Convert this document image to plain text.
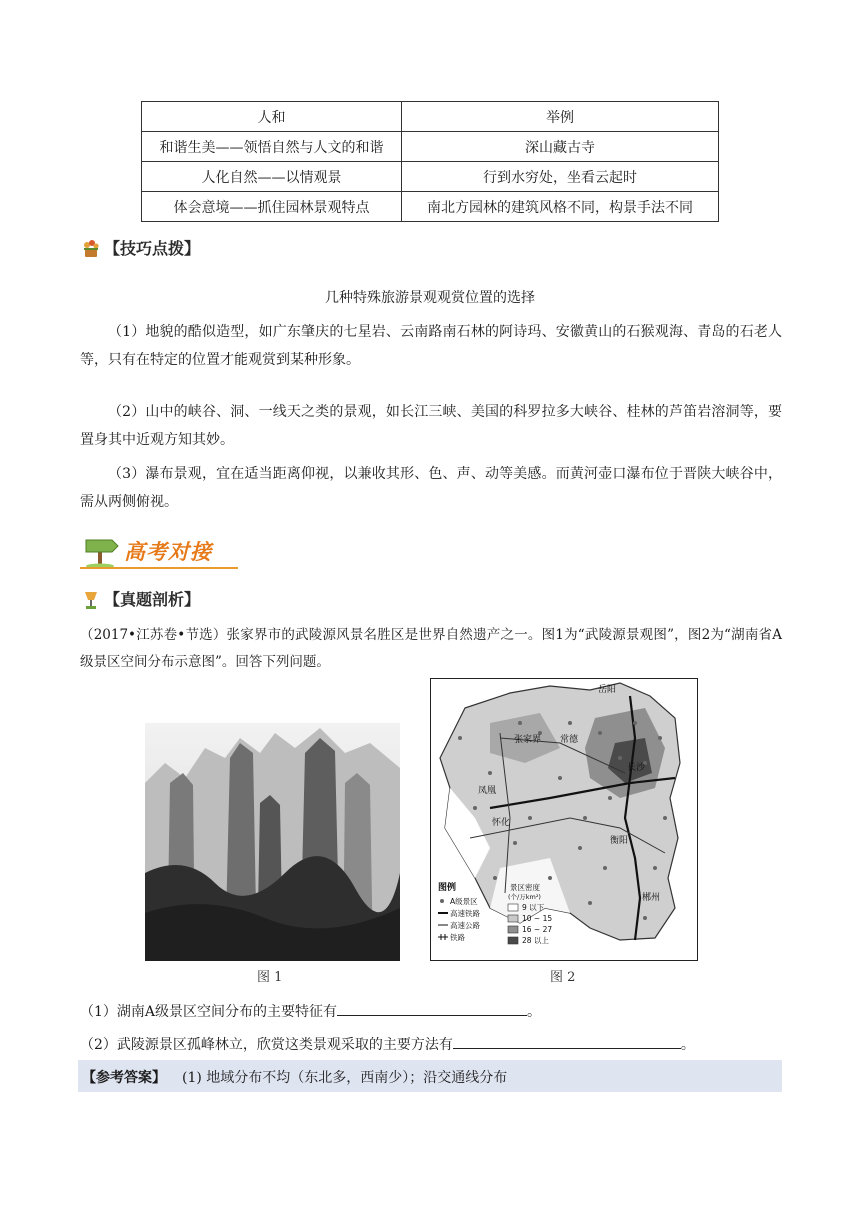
人和	举例
和谐生美——领悟自然与人文的和谐	深山藏古寺
人化自然——以情观景	行到水穷处，坐看云起时
体会意境——抓住园林景观特点	南北方园林的建筑风格不同，构景手法不同
【技巧点拨】
几种特殊旅游景观观赏位置的选择
（1）地貌的酷似造型，如广东肇庆的七星岩、云南路南石林的阿诗玛、安徽黄山的石猴观海、青岛的石老人等，只有在特定的位置才能观赏到某种形象。
（2）山中的峡谷、洞、一线天之类的景观，如长江三峡、美国的科罗拉多大峡谷、桂林的芦笛岩溶洞等，要置身其中近观方知其妙。
（3）瀑布景观，宜在适当距离仰视，以兼收其形、色、声、动等美感。而黄河壶口瀑布位于晋陕大峡谷中，需从两侧俯视。
高考对接
【真题剖析】
（2017•江苏卷•节选）张家界市的武陵源风景名胜区是世界自然遗产之一。图1为“武陵源景观图”，图2为“湖南省A级景区空间分布示意图”。回答下列问题。
图 1
岳阳
张家界 常德
长沙
凤凰
怀化
衡阳
郴州
图例
A级景区
高速铁路
高速公路
铁路
景区密度
(个/万km²)
9 以下
10 ~ 15
16 ~ 27
28 以上
图 2
（1）湖南A级景区空间分布的主要特征有	。
（2）武陵源景区孤峰林立，欣赏这类景观采取的主要方法有	。
【参考答案】 (1) 地域分布不均（东北多，西南少）；沿交通线分布
